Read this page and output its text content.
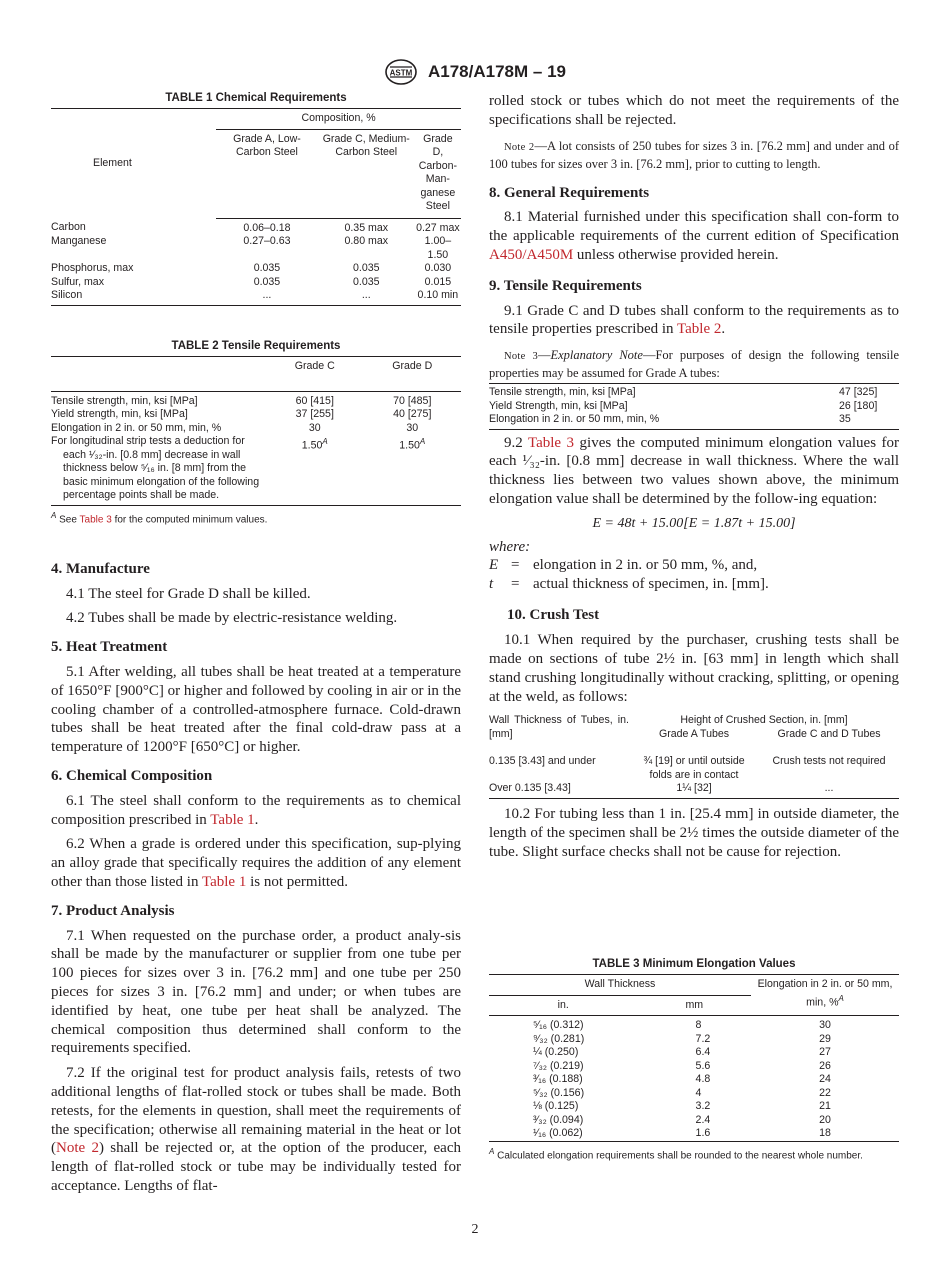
ASTM A178/A178M – 19
TABLE 1 Chemical Requirements
Element	Composition, %		
	Grade A, Low-Carbon Steel	Grade C, Medium-Carbon Steel	Grade D, Carbon-Man-ganese Steel
Carbon	0.06–0.18	0.35 max	0.27 max
Manganese	0.27–0.63	0.80 max	1.00–1.50
Phosphorus, max	0.035	0.035	0.030
Sulfur, max	0.035	0.035	0.015
Silicon	...	...	0.10 min
TABLE 2 Tensile Requirements
	Grade C	Grade D
Tensile strength, min, ksi [MPa]	60 [415]	70 [485]
Yield strength, min, ksi [MPa]	37 [255]	40 [275]
Elongation in 2 in. or 50 mm, min, %	30	30

For longitudinal strip tests a deduction for each ¹⁄₃₂-in. [0.8 mm] decrease in wall thickness below ⁵⁄₁₆ in. [8 mm] from the basic minimum elongation of the following percentage points shall be made.	$1.50^A$	$1.50^A$
$^A$ See Table 3 for the computed minimum values.

4. Manufacture

4.1 The steel for Grade D shall be killed.

4.2 Tubes shall be made by electric-resistance welding.

5. Heat Treatment

5.1 After welding, all tubes shall be heat treated at a temperature of 1650°F [900°C] or higher and followed by cooling in air or in the cooling chamber of a controlled-atmosphere furnace. Cold-drawn tubes shall be heat treated after the final cold-draw pass at a temperature of 1200°F [650°C] or higher.

6. Chemical Composition

6.1 The steel shall conform to the requirements as to chemical composition prescribed in Table 1.

6.2 When a grade is ordered under this specification, sup-plying an alloy grade that specifically requires the addition of any element other than those listed in Table 1 is not permitted.

7. Product Analysis

7.1 When requested on the purchase order, a product analy-sis shall be made by the manufacturer or supplier from one tube per 100 pieces for sizes over 3 in. [76.2 mm] and one tube per 250 pieces for sizes 3 in. [76.2 mm] and under; or when tubes are identified by heat, one tube per heat shall be analyzed. The chemical composition thus determined shall conform to the requirements specified.

7.2 If the original test for product analysis fails, retests of two additional lengths of flat-rolled stock or tubes shall be made. Both retests, for the elements in question, shall meet the requirements of the specification; otherwise all remaining material in the heat or lot (Note 2) shall be rejected or, at the option of the producer, each length of flat-rolled stock or tube may be individually tested for acceptance. Lengths of flat-

rolled stock or tubes which do not meet the requirements of the specifications shall be rejected.

Note 2—A lot consists of 250 tubes for sizes 3 in. [76.2 mm] and under and of 100 tubes for sizes over 3 in. [76.2 mm], prior to cutting to length.

8. General Requirements

8.1 Material furnished under this specification shall con-form to the applicable requirements of the current edition of Specification A450/A450M unless otherwise provided herein.

9. Tensile Requirements

9.1 Grade C and D tubes shall conform to the requirements as to tensile properties prescribed in Table 2.

Note 3—Explanatory Note—For purposes of design the following tensile properties may be assumed for Grade A tubes:

Tensile strength, min, ksi [MPa]	47 [325]
Yield Strength, min, ksi [MPa]	26 [180]
Elongation in 2 in. or 50 mm, min, %	35

9.2 Table 3 gives the computed minimum elongation values for each ¹⁄₃₂-in. [0.8 mm] decrease in wall thickness. Where the wall thickness lies between two values shown above, the minimum elongation value shall be determined by the follow-ing equation:

E = 48t + 15.00[E = 1.87t + 15.00]
where:
E = elongation in 2 in. or 50 mm, %, and,
t	= actual thickness of specimen, in. [mm].

10. Crush Test

10.1 When required by the purchaser, crushing tests shall be made on sections of tube 2½ in. [63 mm] in length which shall stand crushing longitudinally without cracking, splitting, or opening at the weld, as follows:

Wall Thickness of Tubes, in. [mm]	Height of Crushed Section, in. [mm]	
	Grade A Tubes	Grade C and D Tubes
0.135 [3.43] and under	¾ [19] or until outside folds are in contact	Crush tests not required
Over 0.135 [3.43]	1¼ [32]	...

10.2 For tubing less than 1 in. [25.4 mm] in outside diameter, the length of the specimen shall be 2½ times the outside diameter of the tube. Slight surface checks shall not be cause for rejection.

TABLE 3 Minimum Elongation Values
Wall Thickness		Elongation in 2 in. or 50 mm, min, %$^A$
in.	mm	
⁵⁄₁₆ (0.312)	8	30
⁹⁄₃₂ (0.281)	7.2	29
¼ (0.250)	6.4	27
⁷⁄₃₂ (0.219)	5.6	26
³⁄₁₆ (0.188)	4.8	24
⁵⁄₃₂ (0.156)	4	22
⅛ (0.125)	3.2	21
³⁄₃₂ (0.094)	2.4	20
¹⁄₁₆ (0.062)	1.6	18
$^A$ Calculated elongation requirements shall be rounded to the nearest whole number.
2
